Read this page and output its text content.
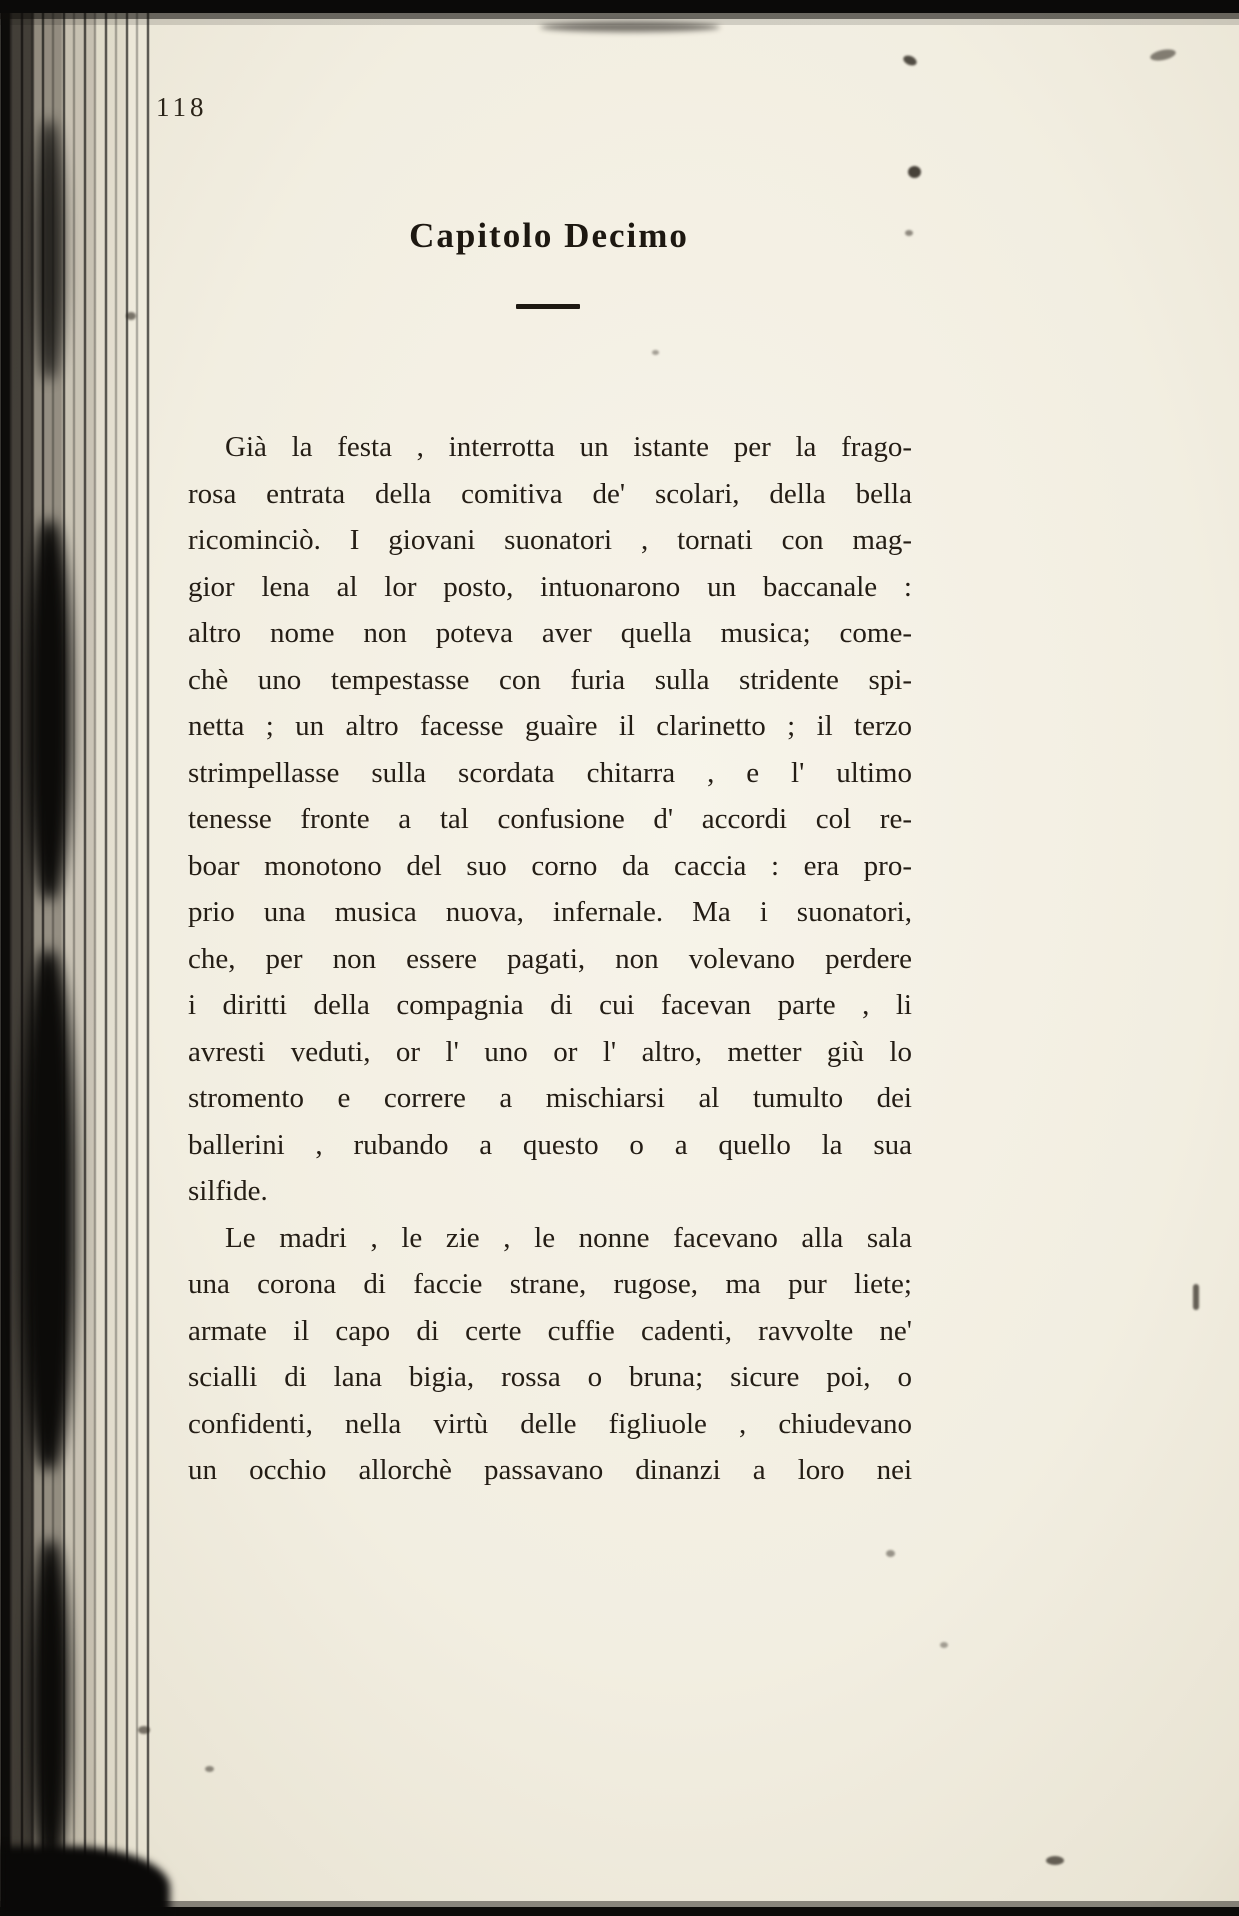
118
Capitolo Decimo
Già la festa , interrotta un istante per la frago-
rosa entrata della comitiva de' scolari, della bella
ricominciò. I giovani suonatori , tornati con mag-
gior lena al lor posto, intuonarono un baccanale :
altro nome non poteva aver quella musica; come-
chè uno tempestasse con furia sulla stridente spi-
netta ; un altro facesse guaìre il clarinetto ; il terzo
strimpellasse sulla scordata chitarra , e l' ultimo
tenesse fronte a tal confusione d' accordi col re-
boar monotono del suo corno da caccia : era pro-
prio una musica nuova, infernale. Ma i suonatori,
che, per non essere pagati, non volevano perdere
i diritti della compagnia di cui facevan parte , li
avresti veduti, or l' uno or l' altro, metter giù lo
stromento e correre a mischiarsi al tumulto dei
ballerini , rubando a questo o a quello la sua
silfide.
Le madri , le zie , le nonne facevano alla sala
una corona di faccie strane, rugose, ma pur liete;
armate il capo di certe cuffie cadenti, ravvolte ne'
scialli di lana bigia, rossa o bruna; sicure poi, o
confidenti, nella virtù delle figliuole , chiudevano
un occhio allorchè passavano dinanzi a loro nei
